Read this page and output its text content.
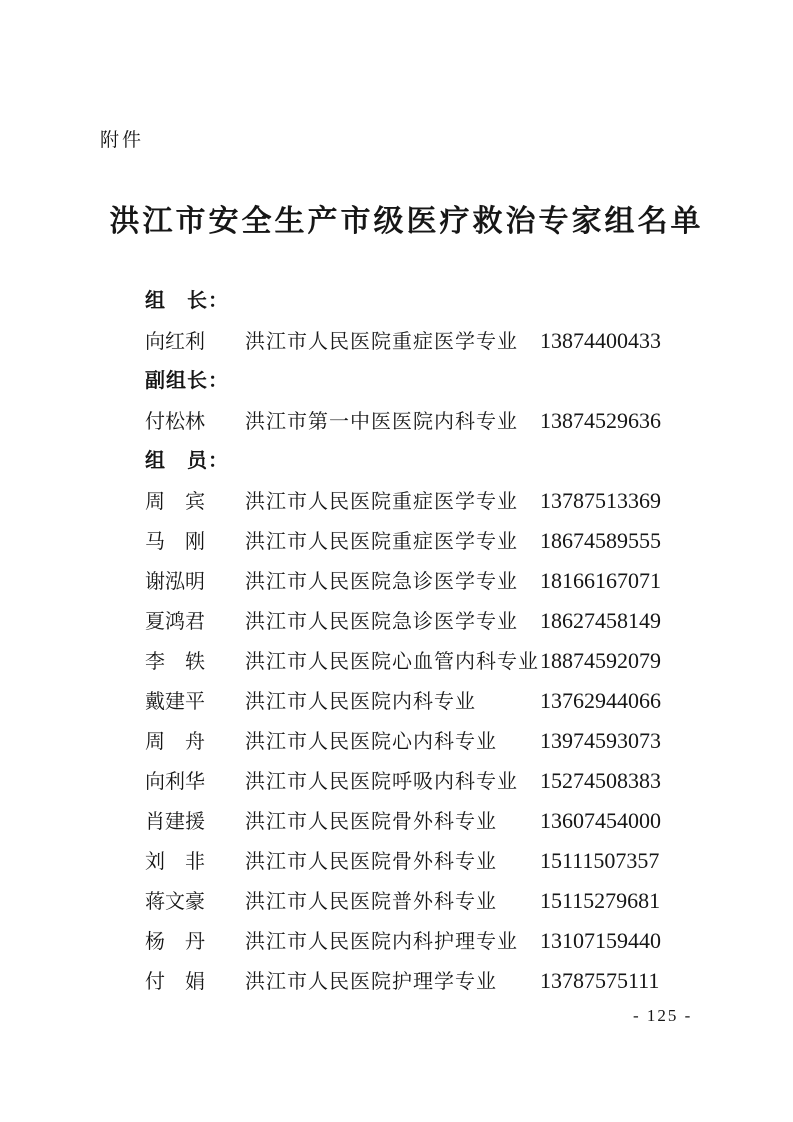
附件
洪江市安全生产市级医疗救治专家组名单
组　长：
向红利	洪江市人民医院重症医学专业	13874400433
副组长：
付松林	洪江市第一中医医院内科专业	13874529636
组　员：
周　宾	洪江市人民医院重症医学专业	13787513369
马　刚	洪江市人民医院重症医学专业	18674589555
谢泓明	洪江市人民医院急诊医学专业	18166167071
夏鸿君	洪江市人民医院急诊医学专业	18627458149
李　轶	洪江市人民医院心血管内科专业 18874592079
戴建平	洪江市人民医院内科专业	13762944066
周　舟	洪江市人民医院心内科专业	13974593073
向利华	洪江市人民医院呼吸内科专业	15274508383
肖建援	洪江市人民医院骨外科专业	13607454000
刘　非	洪江市人民医院骨外科专业	15111507357
蒋文豪	洪江市人民医院普外科专业	15115279681
杨　丹	洪江市人民医院内科护理专业	13107159440
付　娟	洪江市人民医院护理学专业	13787575111
- 125 -
